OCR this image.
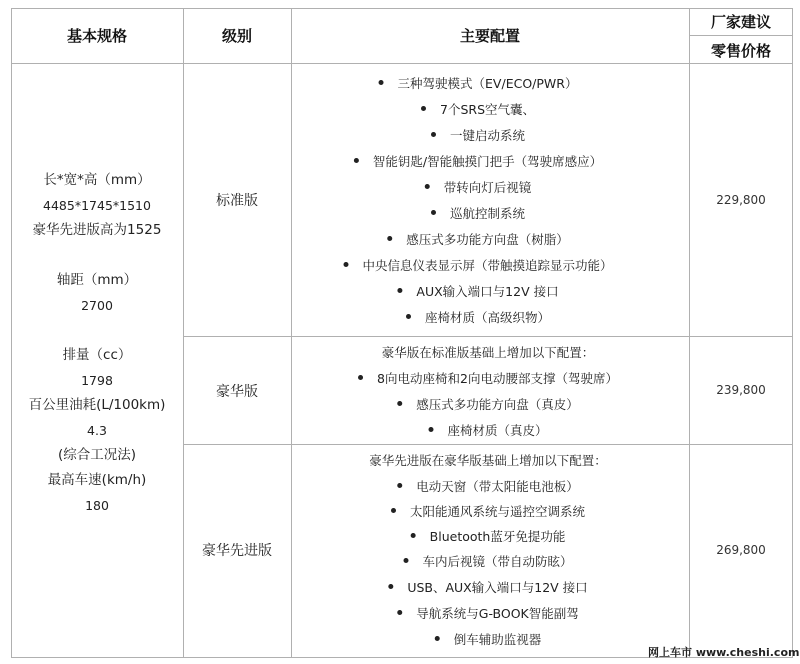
基本规格	级别	主要配置
厂家建议
零售价格
长*宽*高（mm）
4485*1745*1510
豪华先进版高为1525
轴距（mm）
2700
排量（cc）
1798
百公里油耗(L/100km)
4.3
(综合工况法)
最高车速(km/h)
180
标准版
豪华版
豪华先进版
229,800
239,800
269,800
三种驾驶模式（EV/ECO/PWR）
7个SRS空气囊、
一键启动系统
智能钥匙/智能触摸门把手（驾驶席感应）
带转向灯后视镜
巡航控制系统
感压式多功能方向盘（树脂）
中央信息仪表显示屏（带触摸追踪显示功能）
AUX输入端口与12V 接口
座椅材质（高级织物）
豪华版在标准版基础上增加以下配置：
8向电动座椅和2向电动腰部支撑（驾驶席）
感压式多功能方向盘（真皮）
座椅材质（真皮）
豪华先进版在豪华版基础上增加以下配置：
电动天窗（带太阳能电池板）
太阳能通风系统与遥控空调系统
Bluetooth蓝牙免提功能
车内后视镜（带自动防眩）
USB、AUX输入端口与12V 接口
导航系统与G-BOOK智能副驾
倒车辅助监视器
网上车市 www.cheshi.com
